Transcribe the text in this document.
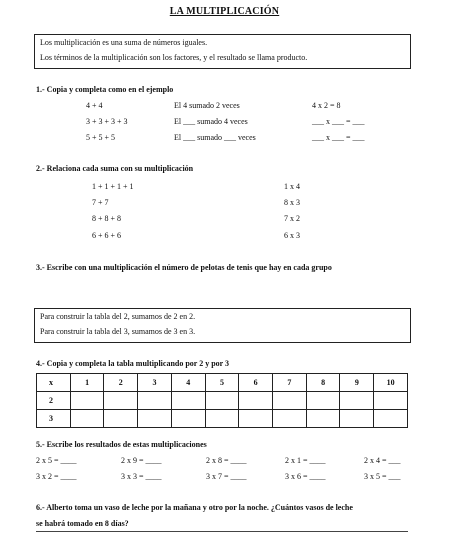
LA MULTIPLICACIÓN
Los multiplicación es una suma de números iguales.
Los términos de la multiplicación son los factores, y el resultado se llama producto.
1.- Copia y completa como en el ejemplo
4 + 4	El 4 sumado 2 veces	4 x 2 = 8
3 + 3 + 3 + 3	El ___ sumado 4 veces	___ x ___ = ___
5 + 5 + 5	El ___ sumado ___ veces	___ x ___ = ___
2.- Relaciona cada suma con su multiplicación
1 + 1 + 1 + 1
7 + 7
8 + 8 + 8
6 + 6 + 6
1 x 4
8 x 3
7 x 2
6 x 3
3.- Escribe con una multiplicación el número de pelotas de tenis que hay en cada grupo
Para construir la tabla del 2, sumamos de 2 en 2.
Para construir la tabla del 3, sumamos de 3 en 3.
4.- Copia y completa la tabla multiplicando por 2 y por 3
x	1	2	3	4	5	6	7	8	9	10
2										
3										
5.- Escribe los resultados de estas multiplicaciones
2 x 5 = ____	2 x 9 = ____	2 x 8 = ____	2 x 1 = ____	2 x 4 = ___
3 x 2 = ____	3 x 3 = ____	3 x 7 = ____	3 x 6 = ____	3 x 5 = ___
6.- Alberto toma un vaso de leche por la mañana y otro por la noche. ¿Cuántos vasos de leche
se habrá tomado en 8 días?
